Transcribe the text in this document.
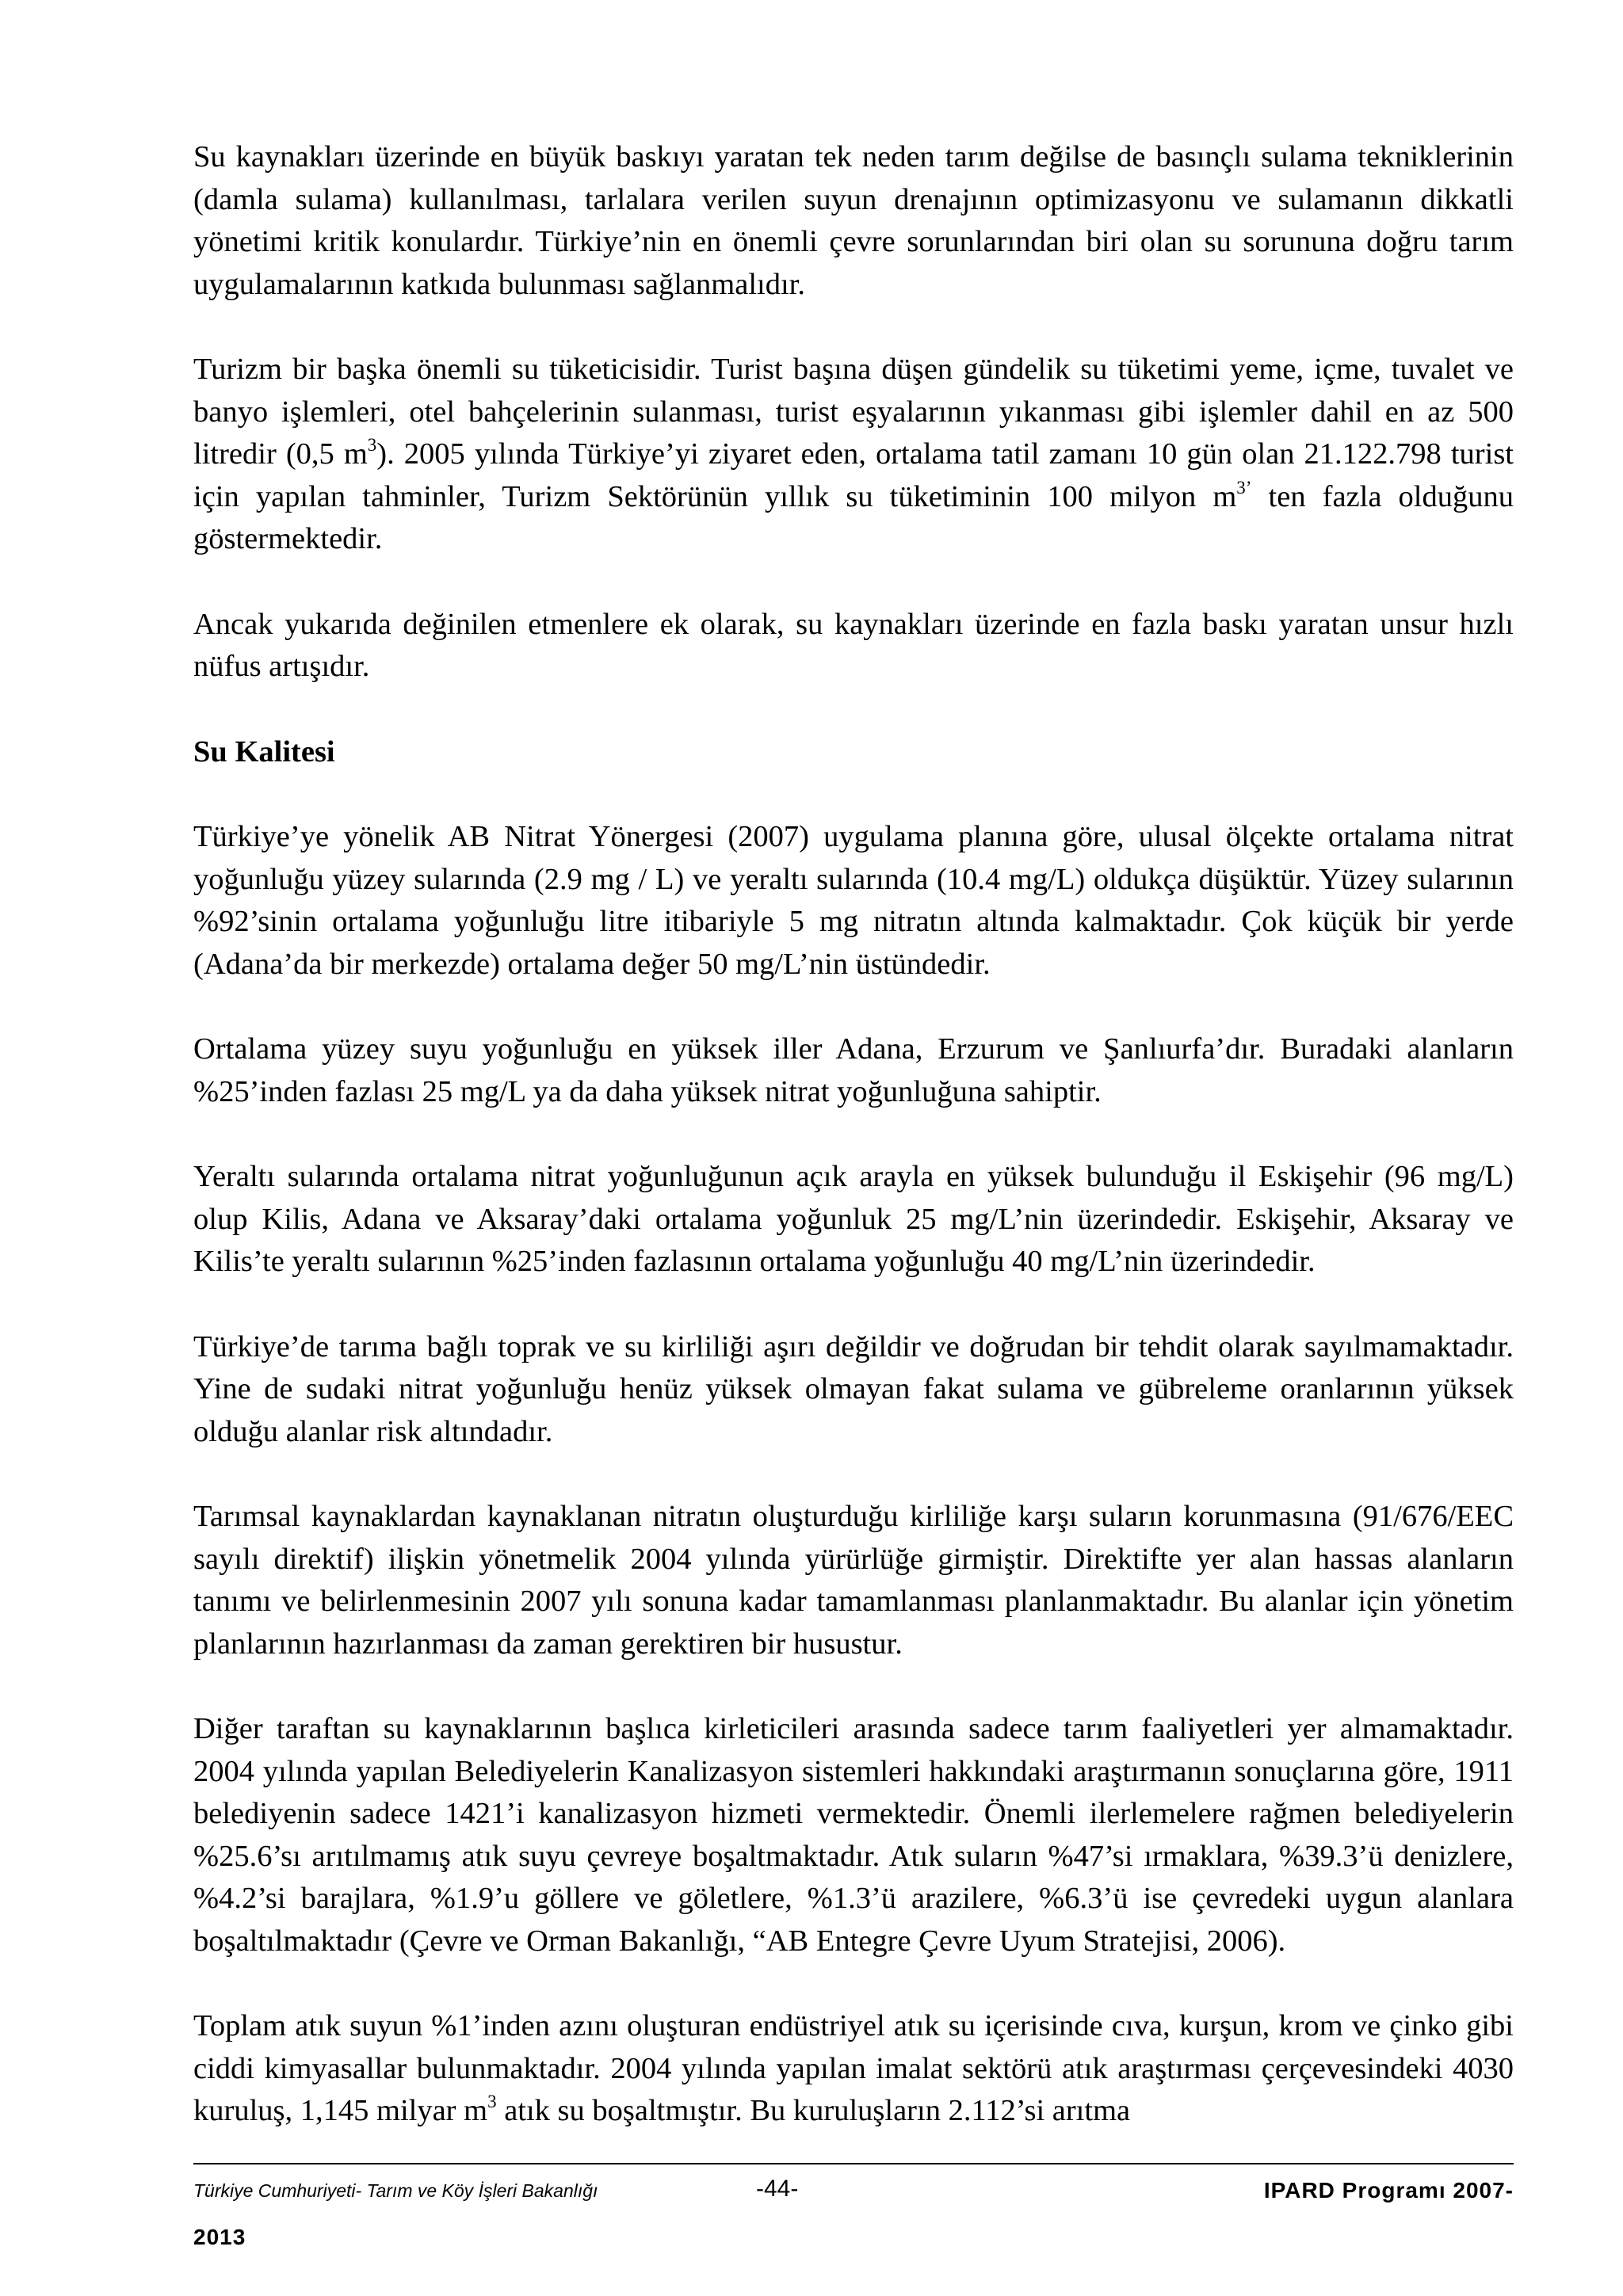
Su kaynakları üzerinde en büyük baskıyı yaratan tek neden tarım değilse de basınçlı sulama tekniklerinin (damla sulama) kullanılması, tarlalara verilen suyun drenajının optimizasyonu ve sulamanın dikkatli yönetimi kritik konulardır. Türkiye’nin en önemli çevre sorunlarından biri olan su sorununa doğru tarım uygulamalarının katkıda bulunması sağlanmalıdır.

Turizm bir başka önemli su tüketicisidir. Turist başına düşen gündelik su tüketimi yeme, içme, tuvalet ve banyo işlemleri, otel bahçelerinin sulanması, turist eşyalarının yıkanması gibi işlemler dahil en az 500 litredir (0,5 $m^3$). 2005 yılında Türkiye’yi ziyaret eden, ortalama tatil zamanı 10 gün olan 21.122.798 turist için yapılan tahminler, Turizm Sektörünün yıllık su tüketiminin 100 milyon $m^{3’}$ ten fazla olduğunu göstermektedir.

Ancak yukarıda değinilen etmenlere ek olarak, su kaynakları üzerinde en fazla baskı yaratan unsur hızlı nüfus artışıdır.

Su Kalitesi

Türkiye’ye yönelik AB Nitrat Yönergesi (2007) uygulama planına göre, ulusal ölçekte ortalama nitrat yoğunluğu yüzey sularında (2.9 mg / L) ve yeraltı sularında (10.4 mg/L) oldukça düşüktür. Yüzey sularının %92’sinin ortalama yoğunluğu litre itibariyle 5 mg nitratın altında kalmaktadır. Çok küçük bir yerde (Adana’da bir merkezde) ortalama değer 50 mg/L’nin üstündedir.

Ortalama yüzey suyu yoğunluğu en yüksek iller Adana, Erzurum ve Şanlıurfa’dır. Buradaki alanların %25’inden fazlası 25 mg/L ya da daha yüksek nitrat yoğunluğuna sahiptir.

Yeraltı sularında ortalama nitrat yoğunluğunun açık arayla en yüksek bulunduğu il Eskişehir (96 mg/L) olup Kilis, Adana ve Aksaray’daki ortalama yoğunluk 25 mg/L’nin üzerindedir. Eskişehir, Aksaray ve Kilis’te yeraltı sularının %25’inden fazlasının ortalama yoğunluğu 40 mg/L’nin üzerindedir.

Türkiye’de tarıma bağlı toprak ve su kirliliği aşırı değildir ve doğrudan bir tehdit olarak sayılmamaktadır. Yine de sudaki nitrat yoğunluğu henüz yüksek olmayan fakat sulama ve gübreleme oranlarının yüksek olduğu alanlar risk altındadır.

Tarımsal kaynaklardan kaynaklanan nitratın oluşturduğu kirliliğe karşı suların korunmasına (91/676/EEC sayılı direktif) ilişkin yönetmelik 2004 yılında yürürlüğe girmiştir. Direktifte yer alan hassas alanların tanımı ve belirlenmesinin 2007 yılı sonuna kadar tamamlanması planlanmaktadır. Bu alanlar için yönetim planlarının hazırlanması da zaman gerektiren bir husustur.

Diğer taraftan su kaynaklarının başlıca kirleticileri arasında sadece tarım faaliyetleri yer almamaktadır. 2004 yılında yapılan Belediyelerin Kanalizasyon sistemleri hakkındaki araştırmanın sonuçlarına göre, 1911 belediyenin sadece 1421’i kanalizasyon hizmeti vermektedir. Önemli ilerlemelere rağmen belediyelerin %25.6’sı arıtılmamış atık suyu çevreye boşaltmaktadır. Atık suların %47’si ırmaklara, %39.3’ü denizlere, %4.2’si barajlara, %1.9’u göllere ve göletlere, %1.3’ü arazilere, %6.3’ü ise çevredeki uygun alanlara boşaltılmaktadır (Çevre ve Orman Bakanlığı, “AB Entegre Çevre Uyum Stratejisi, 2006).

Toplam atık suyun %1’inden azını oluşturan endüstriyel atık su içerisinde cıva, kurşun, krom ve çinko gibi ciddi kimyasallar bulunmaktadır. 2004 yılında yapılan imalat sektörü atık araştırması çerçevesindeki 4030 kuruluş, 1,145 milyar $m^3$ atık su boşaltmıştır. Bu kuruluşların 2.112’si arıtma

Türkiye Cumhuriyeti- Tarım ve Köy İşleri Bakanlığı	-44-	IPARD Programı 2007-
2013
